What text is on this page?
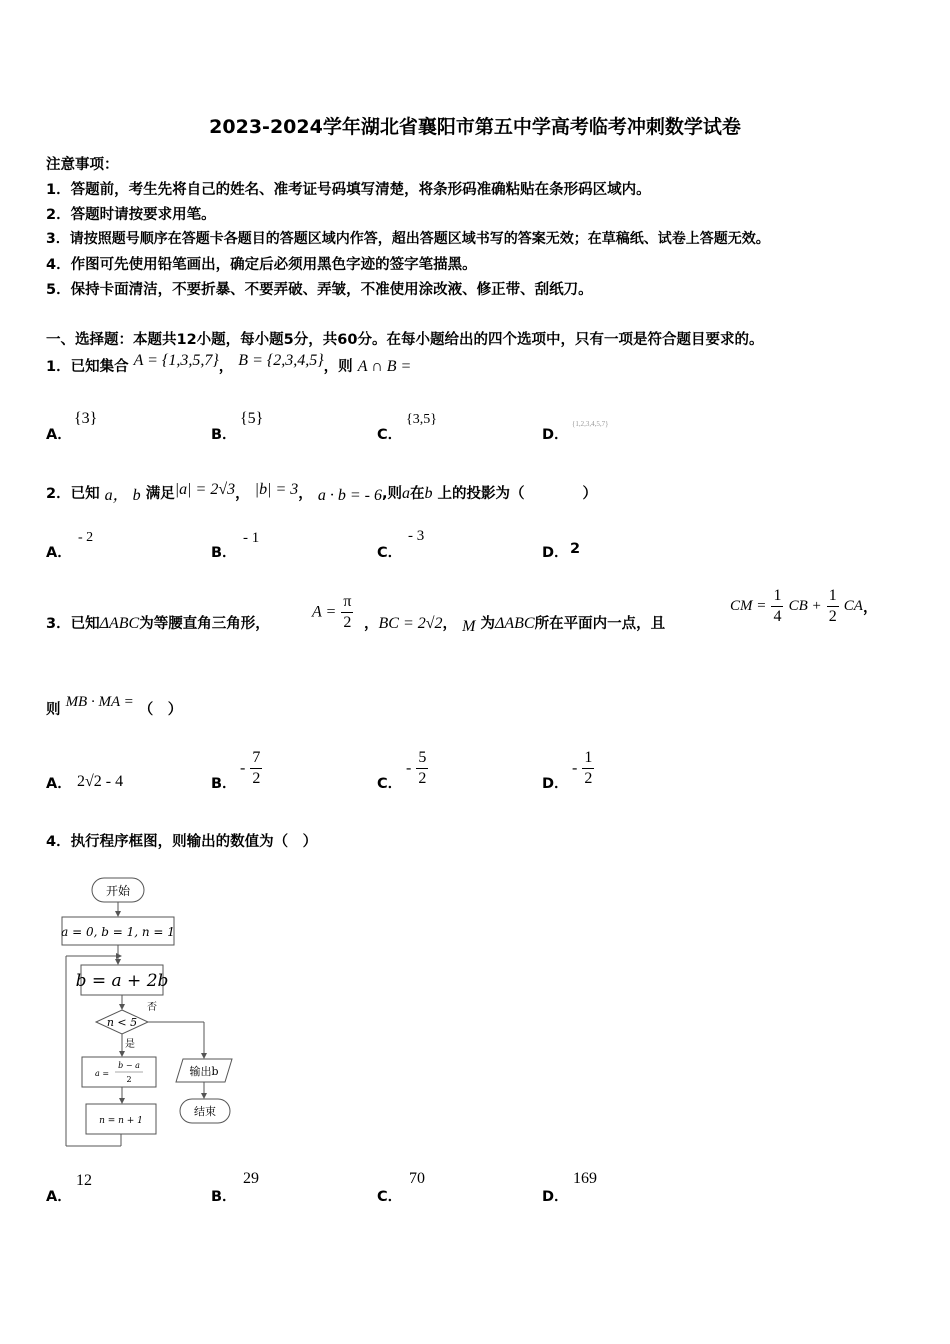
2023-2024学年湖北省襄阳市第五中学高考临考冲刺数学试卷
注意事项：
1．答题前，考生先将自己的姓名、准考证号码填写清楚，将条形码准确粘贴在条形码区域内。
2．答题时请按要求用笔。
3．请按照题号顺序在答题卡各题目的答题区域内作答，超出答题区域书写的答案无效；在草稿纸、试卷上答题无效。
4．作图可先使用铅笔画出，确定后必须用黑色字迹的签字笔描黑。
5．保持卡面清洁，不要折暴、不要弄破、弄皱，不准使用涂改液、修正带、刮纸刀。
一、选择题：本题共12小题，每小题5分，共60分。在每小题给出的四个选项中，只有一项是符合题目要求的。
1．已知集合 A = {1,3,5,7}， B = {2,3,4,5}，则 A ∩ B =
A．
{3}
B．
{5}
C．
{3,5}
D．
{1,2,3,4,5,7}
2．已知 a， b 满足|a| = 2√3， |b| = 3， a · b = - 6,则a在b 上的投影为（　　　　）
A．
- 2
B．
- 1
C．
- 3
D． 2
3．已知ΔABC为等腰直角三角形，
$A = \frac{\pi}{2}$ ，BC = 2√2， M 为ΔABC所在平面内一点，且
CM = $\frac{1}{4}$ CB + $\frac{1}{2}$ CA，
则 MB · MA = （　）
A． 2√2 - 4	B．
- $\frac{7}{2}$	C．
- $\frac{5}{2}$	D．
- $\frac{1}{2}$
4．执行程序框图，则输出的数值为（　）
开始
a = 0, b = 1, n = 1
b = a + 2b
n < 5
否
是
a =
b − a
2
n = n + 1
输出b
结束
A．
12
B．
29
C．
70
D．
169
